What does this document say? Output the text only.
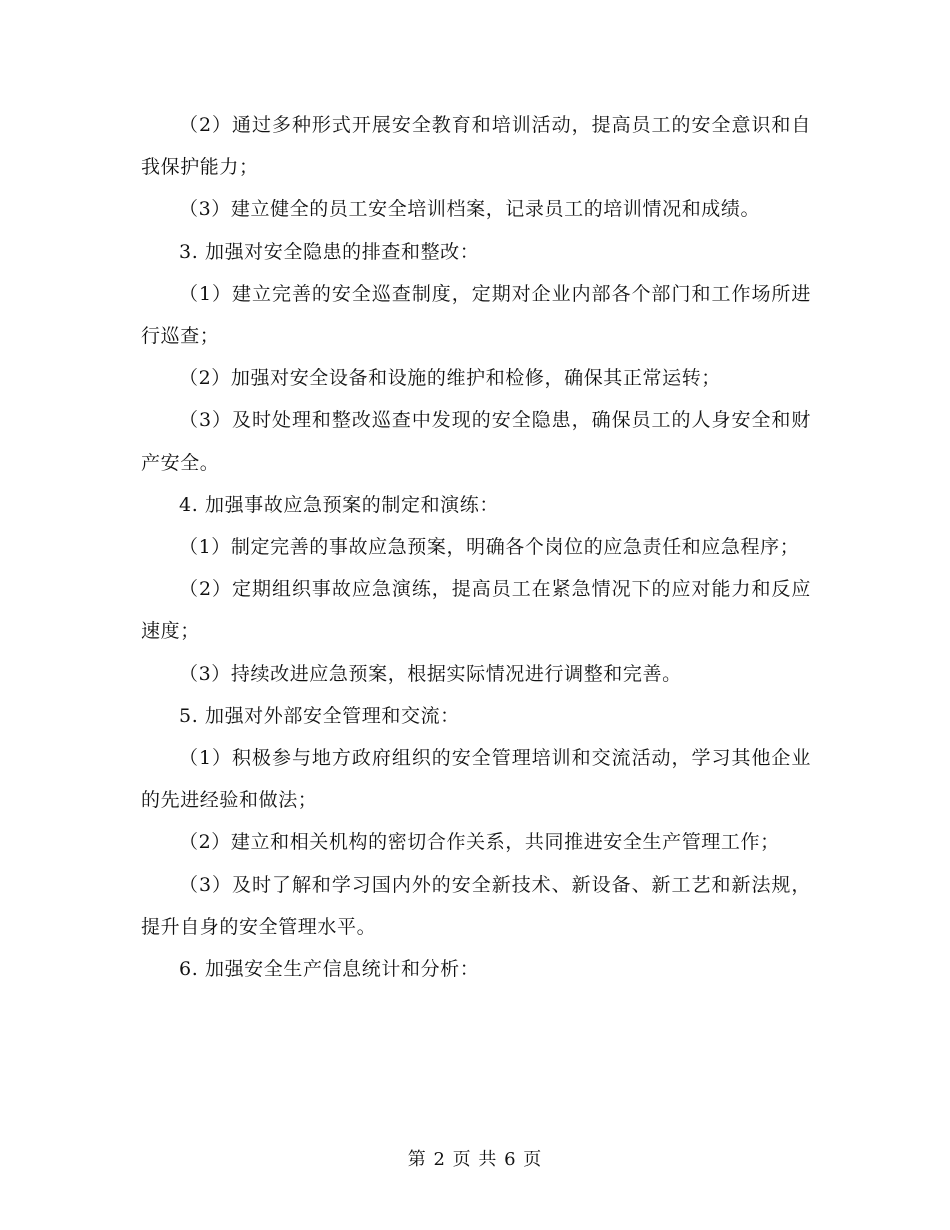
（2）通过多种形式开展安全教育和培训活动，提高员工的安全意识和自我保护能力；

（3）建立健全的员工安全培训档案，记录员工的培训情况和成绩。

3. 加强对安全隐患的排查和整改：

（1）建立完善的安全巡查制度，定期对企业内部各个部门和工作场所进行巡查；

（2）加强对安全设备和设施的维护和检修，确保其正常运转；

（3）及时处理和整改巡查中发现的安全隐患，确保员工的人身安全和财产安全。

4. 加强事故应急预案的制定和演练：

（1）制定完善的事故应急预案，明确各个岗位的应急责任和应急程序；

（2）定期组织事故应急演练，提高员工在紧急情况下的应对能力和反应速度；

（3）持续改进应急预案，根据实际情况进行调整和完善。

5. 加强对外部安全管理和交流：

（1）积极参与地方政府组织的安全管理培训和交流活动，学习其他企业的先进经验和做法；

（2）建立和相关机构的密切合作关系，共同推进安全生产管理工作；

（3）及时了解和学习国内外的安全新技术、新设备、新工艺和新法规，提升自身的安全管理水平。

6. 加强安全生产信息统计和分析：

第 2 页 共 6 页
